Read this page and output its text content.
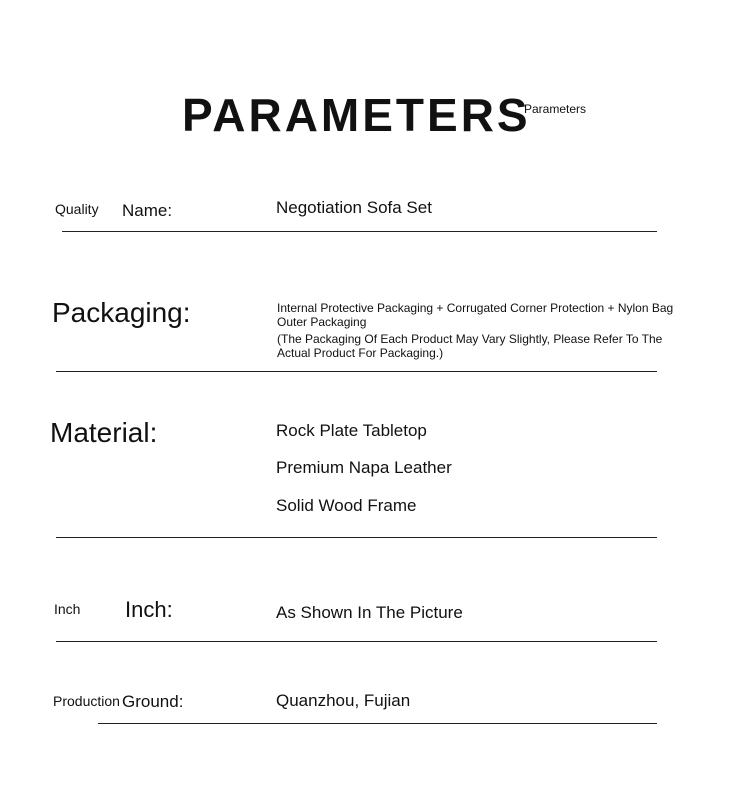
PARAMETERS
Parameters
Quality Name:	Negotiation Sofa Set
Packaging:	Internal Protective Packaging + Corrugated Corner Protection + Nylon Bag Outer Packaging
(The Packaging Of Each Product May Vary Slightly, Please Refer To The Actual Product For Packaging.)
Material:	Rock Plate Tabletop
Premium Napa Leather
Solid Wood Frame
Inch Inch:	As Shown In The Picture
Production Ground:	Quanzhou, Fujian
